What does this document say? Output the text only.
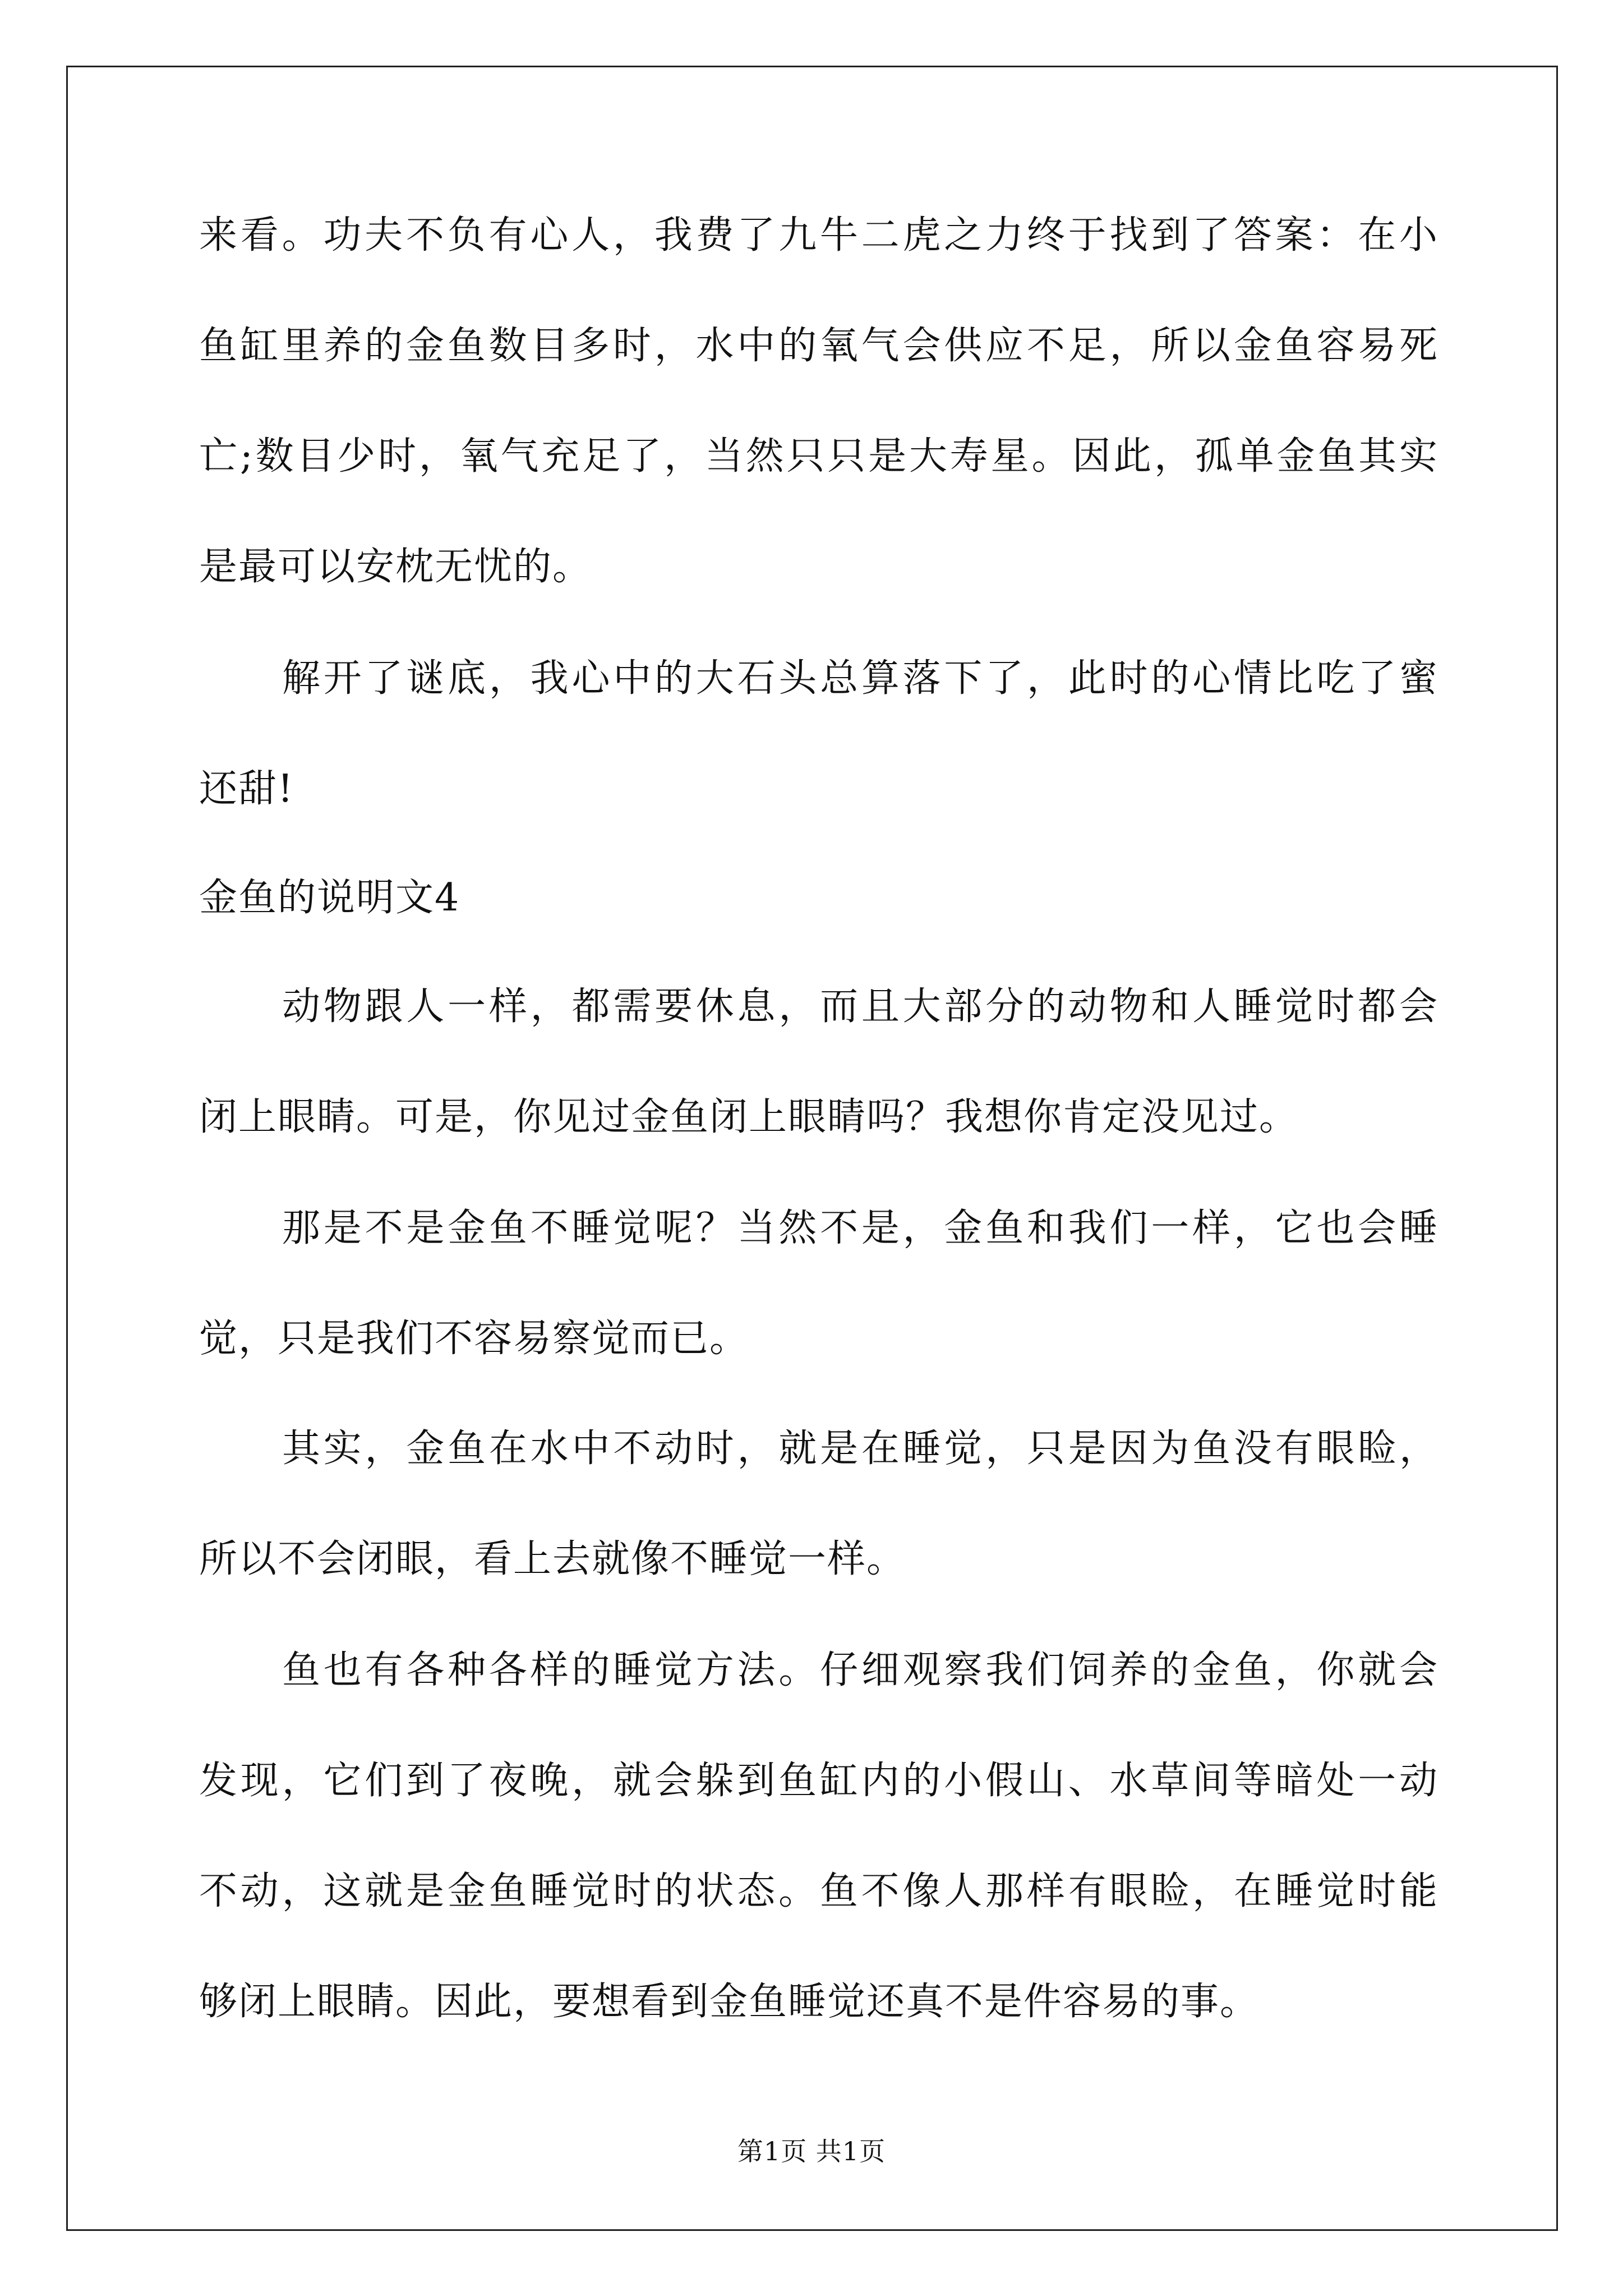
来看。功夫不负有心人，我费了九牛二虎之力终于找到了答案：在小
鱼缸里养的金鱼数目多时，水中的氧气会供应不足，所以金鱼容易死
亡;数目少时，氧气充足了，当然只只是大寿星。因此，孤单金鱼其实
是最可以安枕无忧的。
解开了谜底，我心中的大石头总算落下了，此时的心情比吃了蜜
还甜!
金鱼的说明文4
动物跟人一样，都需要休息，而且大部分的动物和人睡觉时都会
闭上眼睛。可是，你见过金鱼闭上眼睛吗？我想你肯定没见过。
那是不是金鱼不睡觉呢？当然不是，金鱼和我们一样，它也会睡
觉，只是我们不容易察觉而已。
其实，金鱼在水中不动时，就是在睡觉，只是因为鱼没有眼睑，
所以不会闭眼，看上去就像不睡觉一样。
鱼也有各种各样的睡觉方法。仔细观察我们饲养的金鱼，你就会
发现，它们到了夜晚，就会躲到鱼缸内的小假山、水草间等暗处一动
不动，这就是金鱼睡觉时的状态。鱼不像人那样有眼睑，在睡觉时能
够闭上眼睛。因此，要想看到金鱼睡觉还真不是件容易的事。
第1页 共1页
